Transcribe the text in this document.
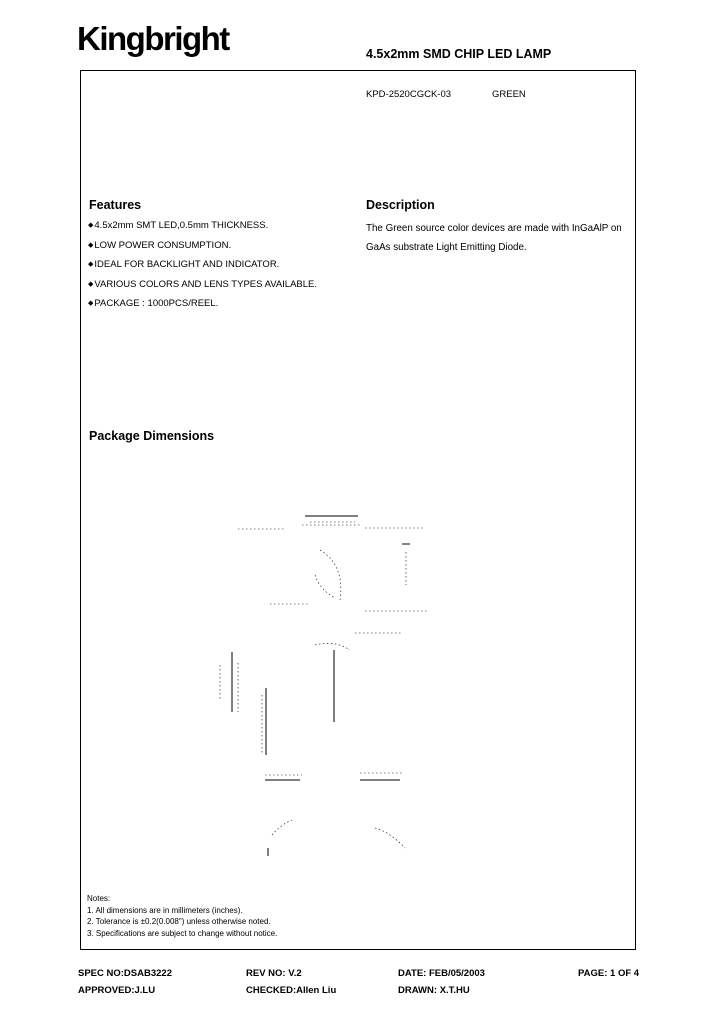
Kingbright	4.5x2mm SMD CHIP LED LAMP
KPD-2520CGCK-03	GREEN
Features
◆4.5x2mm SMT LED,0.5mm THICKNESS.
◆LOW POWER CONSUMPTION.
◆IDEAL FOR BACKLIGHT AND INDICATOR.
◆VARIOUS COLORS AND LENS TYPES AVAILABLE.
◆PACKAGE : 1000PCS/REEL.
Description
The Green source color devices are made with InGaAlP on GaAs substrate Light Emitting Diode.
Package Dimensions
Notes:
1. All dimensions are in millimeters (inches).
2. Tolerance is ±0.2(0.008") unless otherwise noted.
3. Specifications are subject to change without notice.
SPEC NO:DSAB3222	REV NO: V.2	DATE: FEB/05/2003	PAGE: 1 OF 4
APPROVED:J.LU	CHECKED:Allen Liu	DRAWN: X.T.HU
